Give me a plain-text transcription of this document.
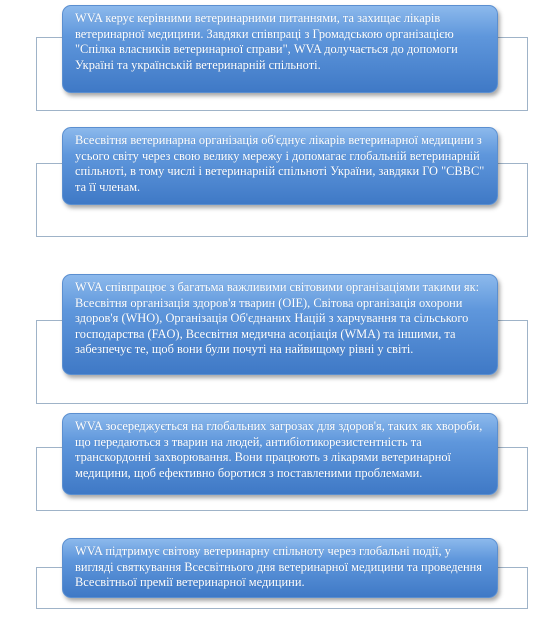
WVA керує керівними ветеринарними питаннями, та захищає лікарів ветеринарної медицини. Завдяки співпраці з Громадською організацією "Спілка власників ветеринарної справи", WVA долучається до допомоги Україні та українській ветеринарній спільноті.
Всесвітня ветеринарна організація об'єднує лікарів ветеринарної медицини з усього світу через свою велику мережу і допомагає глобальній ветеринарній спільноті, в тому числі і ветеринарній спільноті України, завдяки ГО "СВВС" та її членам.
WVA співпрацює з багатьма важливими світовими організаціями такими як: Всесвітня організація здоров'я тварин (OIE), Світова організація охорони здоров'я (WHO), Організація Об'єднаних Націй з харчування та сільського господарства (FAO), Всесвітня медична асоціація (WMA) та іншими, та забезпечує те, щоб вони були почуті на найвищому рівні у світі.
WVA зосереджується на глобальних загрозах для здоров'я, таких як хвороби, що передаються з тварин на людей, антибіотикорезистентність та транскордонні захворювання. Вони працюють з лікарями ветеринарної медицини, щоб ефективно боротися з поставленими проблемами.
WVA підтримує світову ветеринарну спільноту через глобальні події, у вигляді святкування Всесвітнього дня ветеринарної медицини та проведення Всесвітньої премії ветеринарної медицини.
